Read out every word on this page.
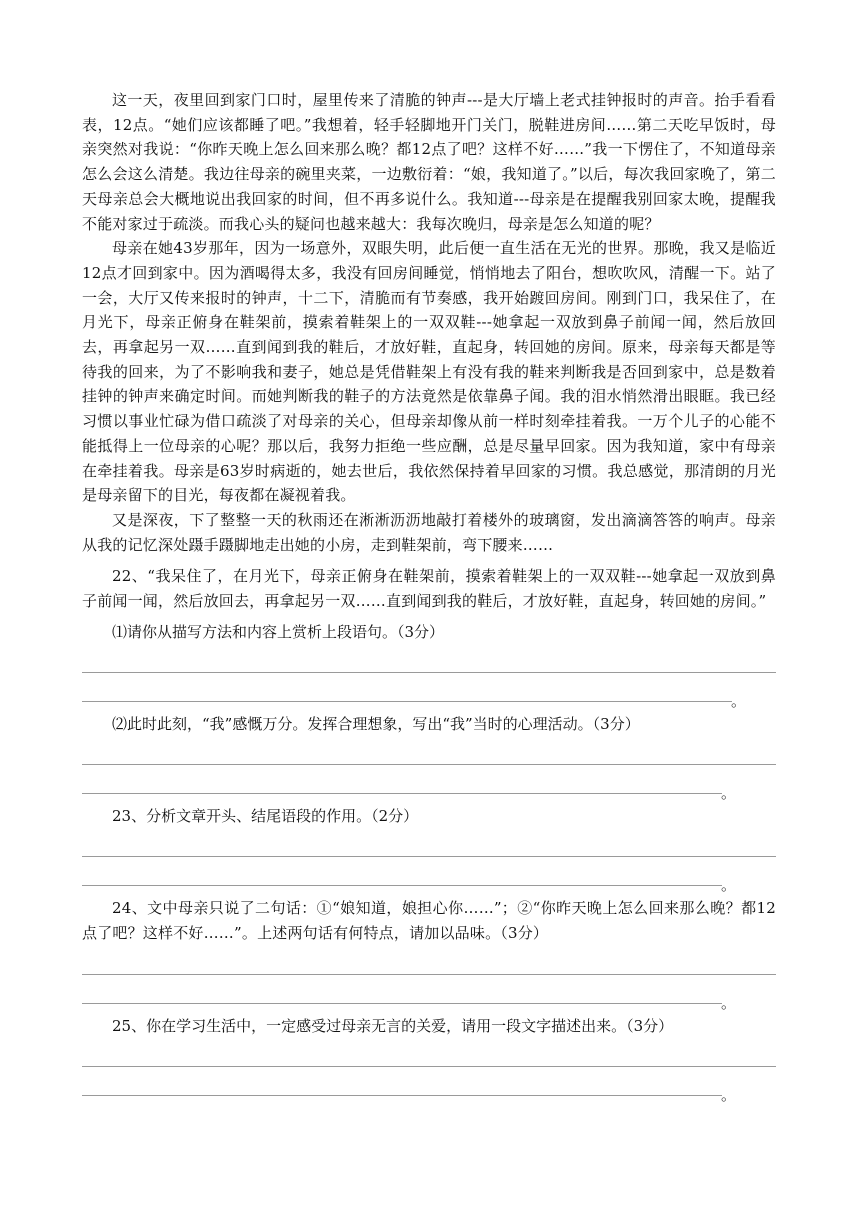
这一天，夜里回到家门口时，屋里传来了清脆的钟声---是大厅墙上老式挂钟报时的声音。抬手看看表，12点。“她们应该都睡了吧。”我想着，轻手轻脚地开门关门，脱鞋进房间……第二天吃早饭时，母亲突然对我说：“你昨天晚上怎么回来那么晚？都12点了吧？这样不好……”我一下愣住了，不知道母亲怎么会这么清楚。我边往母亲的碗里夹菜，一边敷衍着：“娘，我知道了。”以后，每次我回家晚了，第二天母亲总会大概地说出我回家的时间，但不再多说什么。我知道---母亲是在提醒我别回家太晚，提醒我不能对家过于疏淡。而我心头的疑问也越来越大：我每次晚归，母亲是怎么知道的呢？

母亲在她43岁那年，因为一场意外，双眼失明，此后便一直生活在无光的世界。那晚，我又是临近12点才回到家中。因为酒喝得太多，我没有回房间睡觉，悄悄地去了阳台，想吹吹风，清醒一下。站了一会，大厅又传来报时的钟声，十二下，清脆而有节奏感，我开始踱回房间。刚到门口，我呆住了，在月光下，母亲正俯身在鞋架前，摸索着鞋架上的一双双鞋---她拿起一双放到鼻子前闻一闻，然后放回去，再拿起另一双……直到闻到我的鞋后，才放好鞋，直起身，转回她的房间。原来，母亲每天都是等待我的回来，为了不影响我和妻子，她总是凭借鞋架上有没有我的鞋来判断我是否回到家中，总是数着挂钟的钟声来确定时间。而她判断我的鞋子的方法竟然是依靠鼻子闻。我的泪水悄然滑出眼眶。我已经习惯以事业忙碌为借口疏淡了对母亲的关心，但母亲却像从前一样时刻牵挂着我。一万个儿子的心能不能抵得上一位母亲的心呢？那以后，我努力拒绝一些应酬，总是尽量早回家。因为我知道，家中有母亲在牵挂着我。母亲是63岁时病逝的，她去世后，我依然保持着早回家的习惯。我总感觉，那清朗的月光是母亲留下的目光，每夜都在凝视着我。

又是深夜，下了整整一天的秋雨还在淅淅沥沥地敲打着楼外的玻璃窗，发出滴滴答答的响声。母亲从我的记忆深处蹑手蹑脚地走出她的小房，走到鞋架前，弯下腰来……

22、“我呆住了，在月光下，母亲正俯身在鞋架前，摸索着鞋架上的一双双鞋---她拿起一双放到鼻子前闻一闻，然后放回去，再拿起另一双……直到闻到我的鞋后，才放好鞋，直起身，转回她的房间。”

⑴请你从描写方法和内容上赏析上段语句。（3分）

。

⑵此时此刻，“我”感慨万分。发挥合理想象，写出“我”当时的心理活动。（3分）

。

23、分析文章开头、结尾语段的作用。（2分）

。

24、文中母亲只说了二句话：①“娘知道，娘担心你……”；②“你昨天晚上怎么回来那么晚？都12点了吧？这样不好……”。上述两句话有何特点，请加以品味。（3分）

。

25、你在学习生活中，一定感受过母亲无言的关爱，请用一段文字描述出来。（3分）

。
